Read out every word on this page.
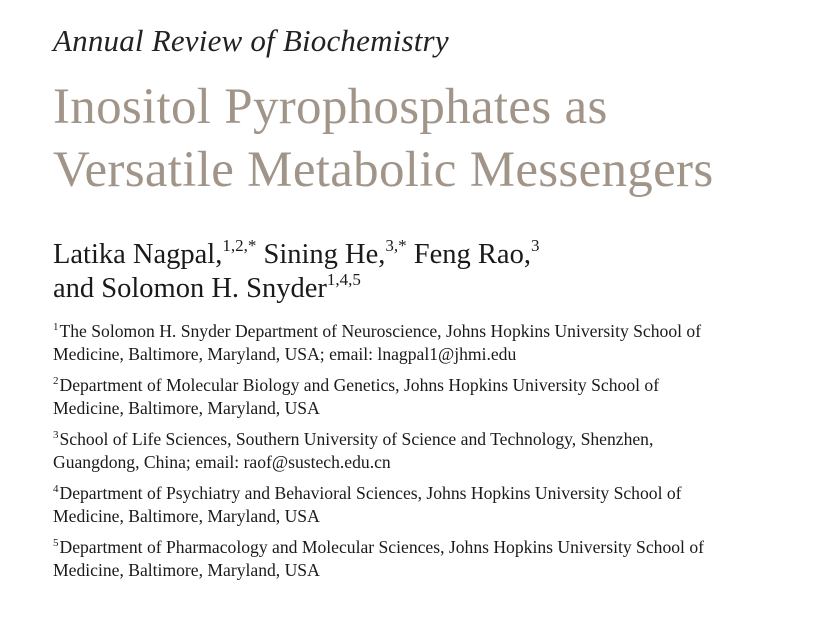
Annual Review of Biochemistry
Inositol Pyrophosphates as
Versatile Metabolic Messengers
Latika Nagpal,$^{1,2,*}$ Sining He,$^{3,*}$ Feng Rao,$^3$
and Solomon H. Snyder$^{1,4,5}$
$^1$The Solomon H. Snyder Department of Neuroscience, Johns Hopkins University School of
Medicine, Baltimore, Maryland, USA; email: lnagpal1@jhmi.edu
$^2$Department of Molecular Biology and Genetics, Johns Hopkins University School of
Medicine, Baltimore, Maryland, USA
$^3$School of Life Sciences, Southern University of Science and Technology, Shenzhen,
Guangdong, China; email: raof@sustech.edu.cn
$^4$Department of Psychiatry and Behavioral Sciences, Johns Hopkins University School of
Medicine, Baltimore, Maryland, USA
$^5$Department of Pharmacology and Molecular Sciences, Johns Hopkins University School of
Medicine, Baltimore, Maryland, USA
